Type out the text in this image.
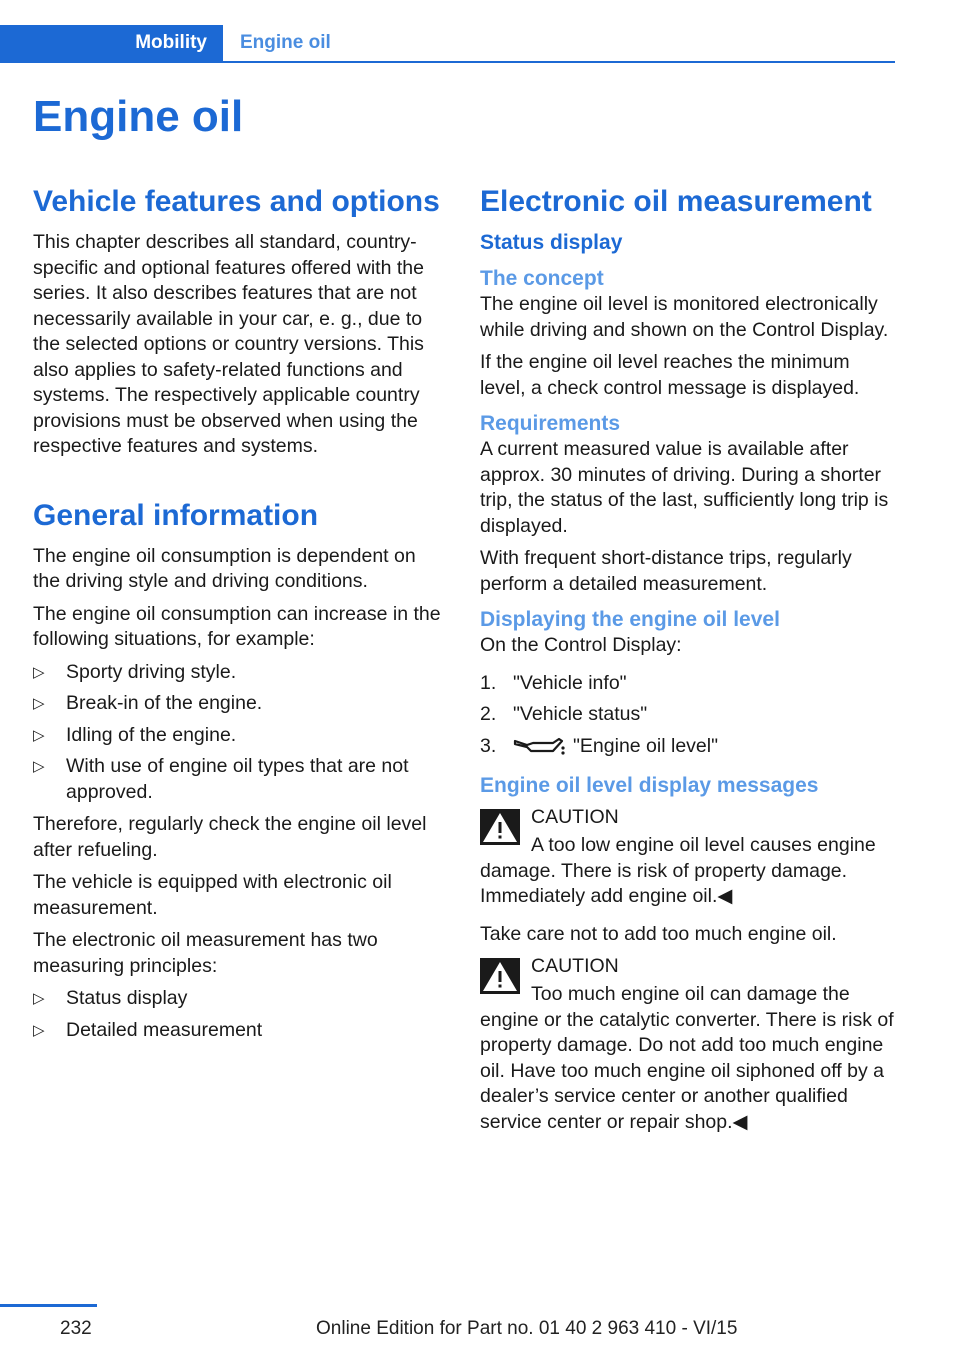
Mobility	Engine oil
Engine oil
Vehicle features and options

This chapter describes all standard, country-specific and optional features offered with the series. It also describes features that are not necessarily available in your car, e. g., due to the selected options or country versions. This also applies to safety-related functions and systems. The respectively applicable country provisions must be observed when using the respective features and systems.

General information

The engine oil consumption is dependent on the driving style and driving conditions.

The engine oil consumption can increase in the following situations, for example:

▷ Sporty driving style.
▷ Break-in of the engine.
▷ Idling of the engine.
▷ With use of engine oil types that are not approved.

Therefore, regularly check the engine oil level after refueling.

The vehicle is equipped with electronic oil measurement.

The electronic oil measurement has two measuring principles:

▷ Status display
▷ Detailed measurement
Electronic oil measurement
Status display
The concept

The engine oil level is monitored electronically while driving and shown on the Control Display.

If the engine oil level reaches the minimum level, a check control message is displayed.

Requirements

A current measured value is available after approx. 30 minutes of driving. During a shorter trip, the status of the last, sufficiently long trip is displayed.

With frequent short-distance trips, regularly perform a detailed measurement.

Displaying the engine oil level

On the Control Display:

1. "Vehicle info"
2. "Vehicle status"
3.	"Engine oil level"
Engine oil level display messages
CAUTION
A too low engine oil level causes engine damage. There is risk of property damage. Immediately add engine oil.◀

Take care not to add too much engine oil.

CAUTION
Too much engine oil can damage the engine or the catalytic converter. There is risk of property damage. Do not add too much engine oil. Have too much engine oil siphoned off by a dealer’s service center or another qualified service center or repair shop.◀
232	Online Edition for Part no. 01 40 2 963 410 - VI/15
